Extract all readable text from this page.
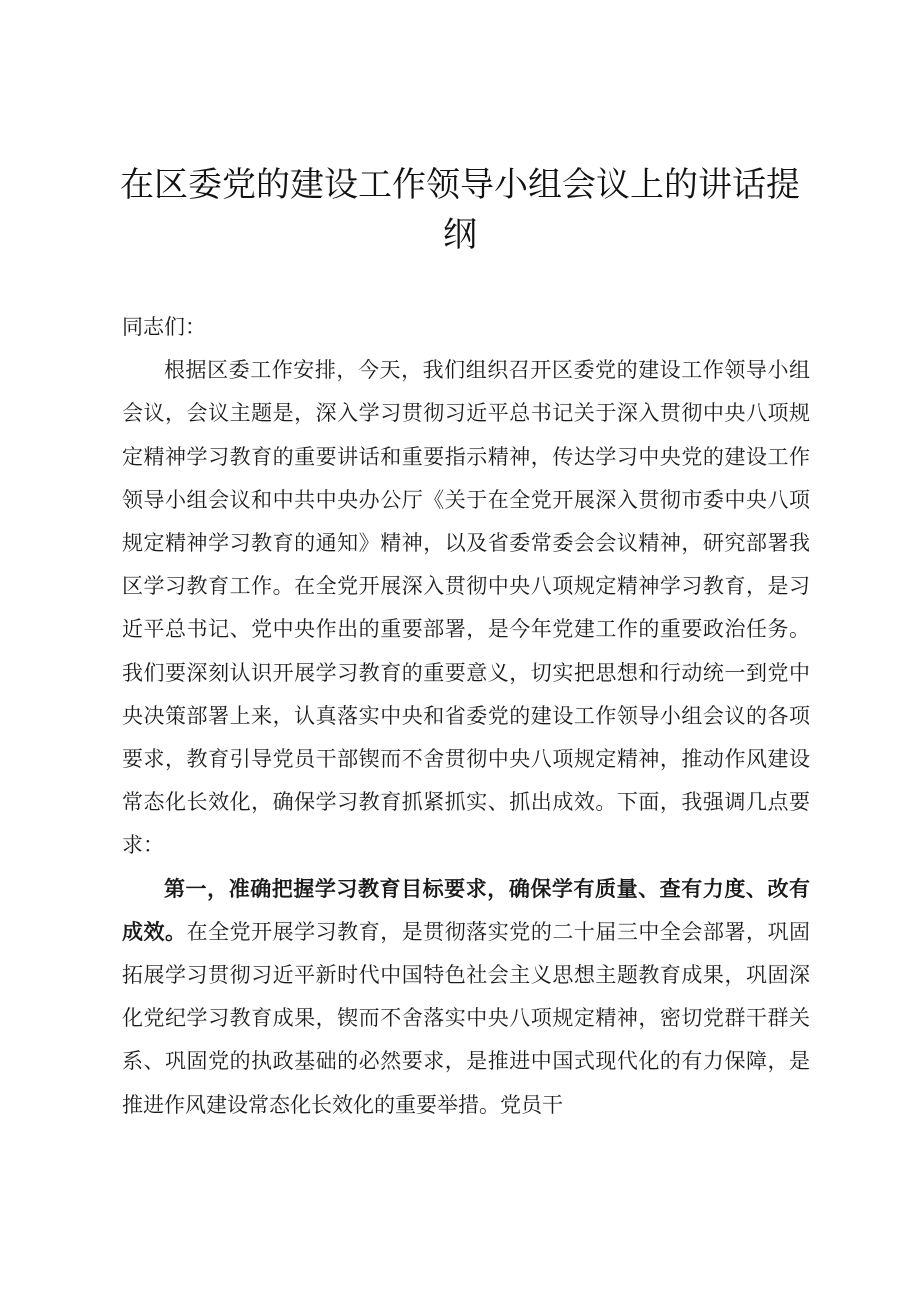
在区委党的建设工作领导小组会议上的讲话提纲

同志们：

根据区委工作安排，今天，我们组织召开区委党的建设工作领导小组会议，会议主题是，深入学习贯彻习近平总书记关于深入贯彻中央八项规定精神学习教育的重要讲话和重要指示精神，传达学习中央党的建设工作领导小组会议和中共中央办公厅《关于在全党开展深入贯彻市委中央八项规定精神学习教育的通知》精神，以及省委常委会会议精神，研究部署我区学习教育工作。在全党开展深入贯彻中央八项规定精神学习教育，是习近平总书记、党中央作出的重要部署，是今年党建工作的重要政治任务。我们要深刻认识开展学习教育的重要意义，切实把思想和行动统一到党中央决策部署上来，认真落实中央和省委党的建设工作领导小组会议的各项要求，教育引导党员干部锲而不舍贯彻中央八项规定精神，推动作风建设常态化长效化，确保学习教育抓紧抓实、抓出成效。下面，我强调几点要求：

第一，准确把握学习教育目标要求，确保学有质量、查有力度、改有成效。在全党开展学习教育，是贯彻落实党的二十届三中全会部署，巩固拓展学习贯彻习近平新时代中国特色社会主义思想主题教育成果，巩固深化党纪学习教育成果，锲而不舍落实中央八项规定精神，密切党群干群关系、巩固党的执政基础的必然要求，是推进中国式现代化的有力保障，是推进作风建设常态化长效化的重要举措。党员干
